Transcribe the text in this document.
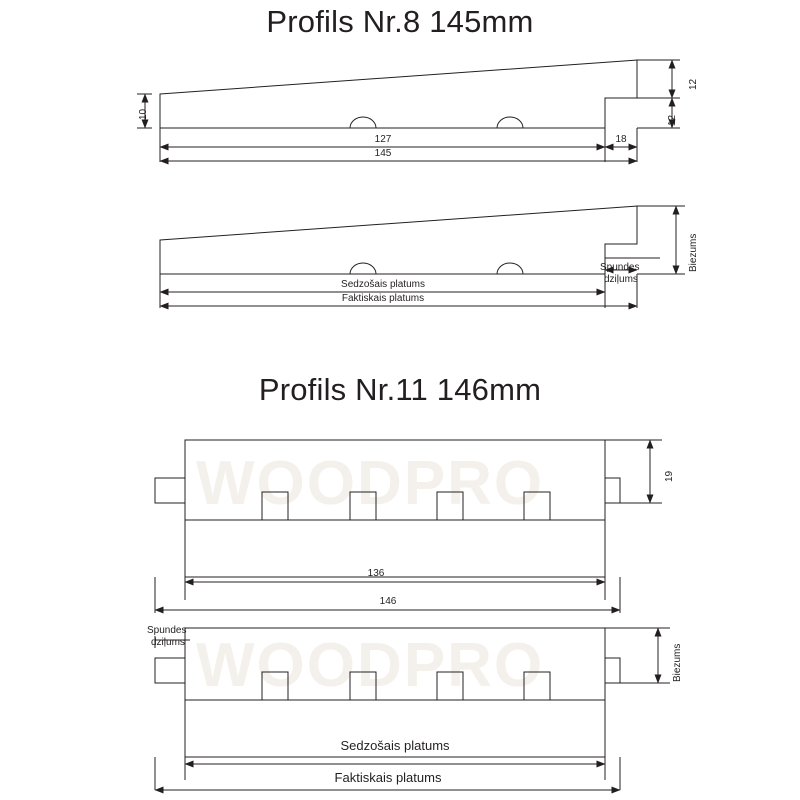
Profils Nr.8 145mm
Profils Nr.11 146mm
WOODPRO
WOODPRO
10
12
12
127
145
18
Biezums
Spundes
dziļums
Sedzošais platums
Faktiskais platums
19
136
146
Biezums
Spundes
dziļums
Sedzošais platums
Faktiskais platums
